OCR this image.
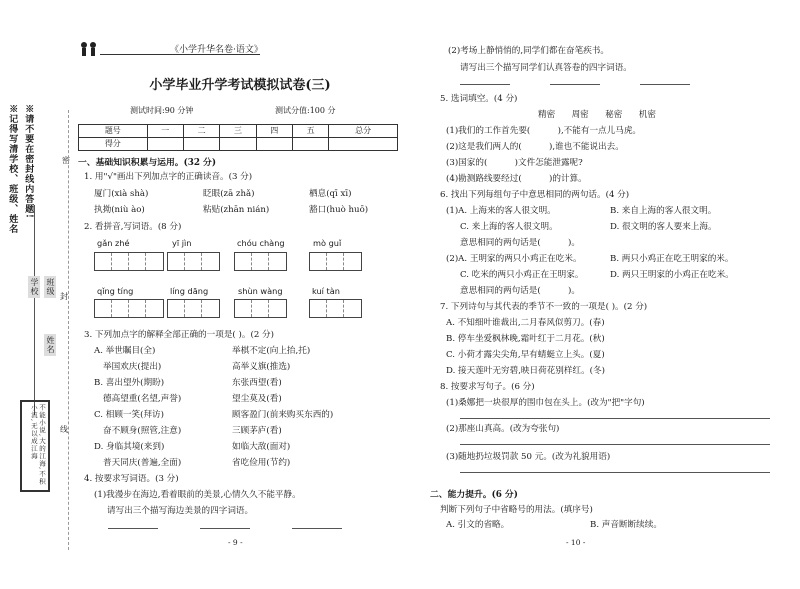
《小学升华名卷·语文》
小学毕业升学考试模拟试卷(三)
测试时间:90 分钟	测试分值:100 分
题号	一	二	三	四	五	总分
得分						
※请不要在密封线内答题!
※记得写清学校、班级、姓名
学校 班级
姓名
密
封
线
不能小说,大的江海,不积小流,无以成江海
一、基础知识积累与运用。(32 分)
1. 用"√"画出下列加点字的正确读音。(3 分)
厦门(xià shà)	眨眼(zā zhǎ)	栖息(qī xī)
执拗(niù ào)	粘贴(zhān nián)	豁口(huò huō)
2. 看拼音,写词语。(8 分)
gǎn zhé	yī jìn	chóu chàng	mò guǐ
qǐng tíng	líng dāng	shùn wàng	kuí tàn
3. 下列加点字的解释全部正确的一项是( )。(2 分)
A. 举世瞩目(全)	举棋不定(向上抬,托)
举国欢庆(提出)	高举义旗(推选)
B. 喜出望外(期盼)	东张西望(看)
德高望重(名望,声誉)	望尘莫及(看)
C. 相顾一笑(拜访)	顾客盈门(前来购买东西的)
奋不顾身(照管,注意)	三顾茅庐(看)
D. 身临其境(来到)	如临大敌(面对)
普天同庆(普遍,全面)	省吃俭用(节约)
4. 按要求写词语。(3 分)
(1)我漫步在海边,看着眼前的美景,心情久久不能平静。
请写出三个描写海边美景的四字词语。
- 9 -
(2)考场上静悄悄的,同学们都在奋笔疾书。
请写出三个描写同学们认真答卷的四字词语。
5. 选词填空。(4 分)
精密      周密      秘密      机密
(1)我们的工作首先要(          ),不能有一点儿马虎。
(2)这是我们两人的(          ),谁也不能说出去。
(3)国家的(          )文件怎能泄露呢?
(4)勘测路线要经过(          )的计算。
6. 找出下列每组句子中意思相同的两句话。(4 分)
(1)A. 上海来的客人很文明。	B. 来自上海的客人很文明。
C. 来上海的客人很文明。	D. 很文明的客人要来上海。
意思相同的两句话是(          )。
(2)A. 王明家的两只小鸡正在吃米。	B. 两只小鸡正在吃王明家的米。
C. 吃米的两只小鸡正在王明家。	D. 两只王明家的小鸡正在吃米。
意思相同的两句话是(          )。
7. 下列诗句与其代表的季节不一致的一项是( )。(2 分)
A. 不知细叶谁裁出,二月春风似剪刀。(春)
B. 停车坐爱枫林晚,霜叶红于二月花。(秋)
C. 小荷才露尖尖角,早有蜻蜓立上头。(夏)
D. 接天莲叶无穷碧,映日荷花别样红。(冬)
8. 按要求写句子。(6 分)
(1)桑娜把一块很厚的围巾包在头上。(改为"把"字句)
(2)那座山真高。(改为夸张句)
(3)随地扔垃圾罚款 50 元。(改为礼貌用语)
二、能力提升。(6 分)
判断下列句子中省略号的用法。(填序号)
A. 引文的省略。	B. 声音断断续续。
- 10 -
